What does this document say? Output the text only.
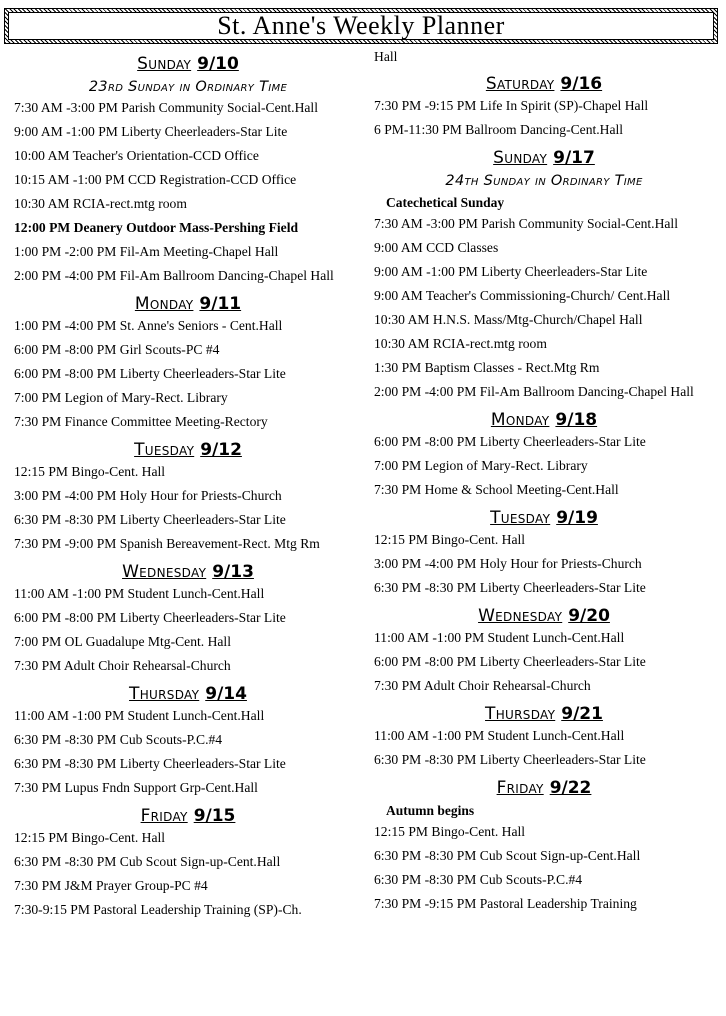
St. Anne's Weekly Planner
Sunday 9/10
23rd Sunday in Ordinary Time
7:30 AM -3:00 PM Parish Community Social-Cent.Hall
9:00 AM -1:00 PM Liberty Cheerleaders-Star Lite
10:00 AM Teacher's Orientation-CCD Office
10:15 AM -1:00 PM CCD Registration-CCD Office
10:30 AM RCIA-rect.mtg room
12:00 PM Deanery Outdoor Mass-Pershing Field
1:00 PM -2:00 PM Fil-Am Meeting-Chapel Hall
2:00 PM -4:00 PM Fil-Am Ballroom Dancing-Chapel Hall
Monday 9/11
1:00 PM -4:00 PM St. Anne's Seniors - Cent.Hall
6:00 PM -8:00 PM Girl Scouts-PC #4
6:00 PM -8:00 PM Liberty Cheerleaders-Star Lite
7:00 PM Legion of Mary-Rect. Library
7:30 PM Finance Committee Meeting-Rectory
Tuesday 9/12
12:15 PM Bingo-Cent. Hall
3:00 PM -4:00 PM Holy Hour for Priests-Church
6:30 PM -8:30 PM Liberty Cheerleaders-Star Lite
7:30 PM -9:00 PM Spanish Bereavement-Rect. Mtg Rm
Wednesday 9/13
11:00 AM -1:00 PM Student Lunch-Cent.Hall
6:00 PM -8:00 PM Liberty Cheerleaders-Star Lite
7:00 PM OL Guadalupe Mtg-Cent. Hall
7:30 PM Adult Choir Rehearsal-Church
Thursday 9/14
11:00 AM -1:00 PM Student Lunch-Cent.Hall
6:30 PM -8:30 PM Cub Scouts-P.C.#4
6:30 PM -8:30 PM Liberty Cheerleaders-Star Lite
7:30 PM Lupus Fndn Support Grp-Cent.Hall
Friday 9/15
12:15 PM Bingo-Cent. Hall
6:30 PM -8:30 PM Cub Scout Sign-up-Cent.Hall
7:30 PM J&M Prayer Group-PC #4
7:30-9:15 PM Pastoral Leadership Training (SP)-Ch.
Hall
Saturday 9/16
7:30 PM -9:15 PM Life In Spirit (SP)-Chapel Hall
6 PM-11:30 PM Ballroom Dancing-Cent.Hall
Sunday 9/17
24th Sunday in Ordinary Time
Catechetical Sunday
7:30 AM -3:00 PM Parish Community Social-Cent.Hall
9:00 AM CCD Classes
9:00 AM -1:00 PM Liberty Cheerleaders-Star Lite
9:00 AM Teacher's Commissioning-Church/ Cent.Hall
10:30 AM H.N.S. Mass/Mtg-Church/Chapel Hall
10:30 AM RCIA-rect.mtg room
1:30 PM Baptism Classes - Rect.Mtg Rm
2:00 PM -4:00 PM Fil-Am Ballroom Dancing-Chapel Hall
Monday 9/18
6:00 PM -8:00 PM Liberty Cheerleaders-Star Lite
7:00 PM Legion of Mary-Rect. Library
7:30 PM Home & School Meeting-Cent.Hall
Tuesday 9/19
12:15 PM Bingo-Cent. Hall
3:00 PM -4:00 PM Holy Hour for Priests-Church
6:30 PM -8:30 PM Liberty Cheerleaders-Star Lite
Wednesday 9/20
11:00 AM -1:00 PM Student Lunch-Cent.Hall
6:00 PM -8:00 PM Liberty Cheerleaders-Star Lite
7:30 PM Adult Choir Rehearsal-Church
Thursday 9/21
11:00 AM -1:00 PM Student Lunch-Cent.Hall
6:30 PM -8:30 PM Liberty Cheerleaders-Star Lite
Friday 9/22
Autumn begins
12:15 PM Bingo-Cent. Hall
6:30 PM -8:30 PM Cub Scout Sign-up-Cent.Hall
6:30 PM -8:30 PM Cub Scouts-P.C.#4
7:30 PM -9:15 PM Pastoral Leadership Training
